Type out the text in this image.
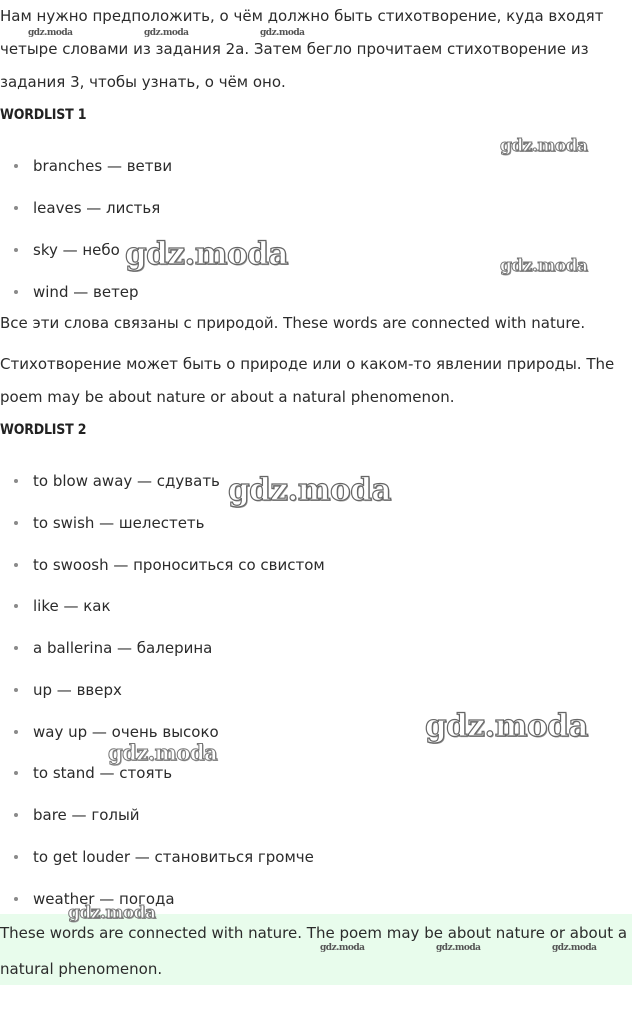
Нам нужно предположить, о чём должно быть стихотворение, куда входят четыре словами из задания 2a. Затем бегло прочитаем стихотворение из задания 3, чтобы узнать, о чём оно.

WORDLIST 1
branches — ветви
leaves — листья
sky — небо
wind — ветер

Все эти слова связаны с природой. These words are connected with nature.

Стихотворение может быть о природе или о каком-то явлении природы. The poem may be about nature or about a natural phenomenon.

WORDLIST 2
to blow away — сдувать
to swish — шелестеть
to swoosh — проноситься со свистом
like — как
a ballerina — балерина
up — вверх
way up — очень высоко
to stand — стоять
bare — голый
to get louder — становиться громче
weather — погода

These words are connected with nature. The poem may be about nature or about a natural phenomenon.

gdz.moda	gdz.moda	gdz.moda
gdz.moda
gdz.moda	gdz.moda
gdz.moda
gdz.moda
gdz.moda
gdz.moda
gdz.moda	gdz.moda	gdz.moda
